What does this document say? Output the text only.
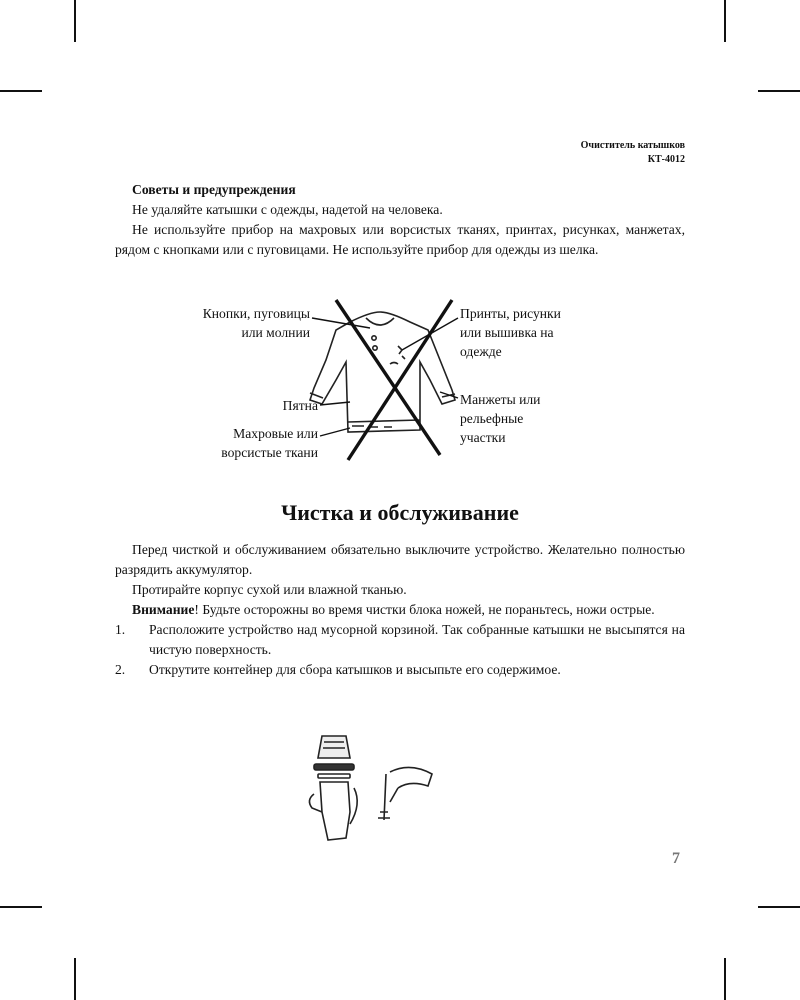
Очиститель катышков
КТ-4012
Советы и предупреждения
Не удаляйте катышки с одежды, надетой на человека.
Не используйте прибор на махровых или ворсистых тканях, принтах, рисунках, манжетах, рядом с кнопками или с пуговицами. Не используйте прибор для одежды из шелка.
Кнопки, пуговицы
или молнии
Принты, рисунки
или вышивка на
одежде
Пятна	Манжеты или
рельефные
участки
Махровые или
ворсистые ткани
Чистка и обслуживание
Перед чисткой и обслуживанием обязательно выключите устройство. Желательно полностью разрядить аккумулятор.
Протирайте корпус сухой или влажной тканью.
Внимание! Будьте осторожны во время чистки блока ножей, не пораньтесь, ножи острые.
1.	Расположите устройство над мусорной корзиной. Так собранные катышки не высыпятся на чистую поверхность.
2.	Открутите контейнер для сбора катышков и высыпьте его содержимое.
7
